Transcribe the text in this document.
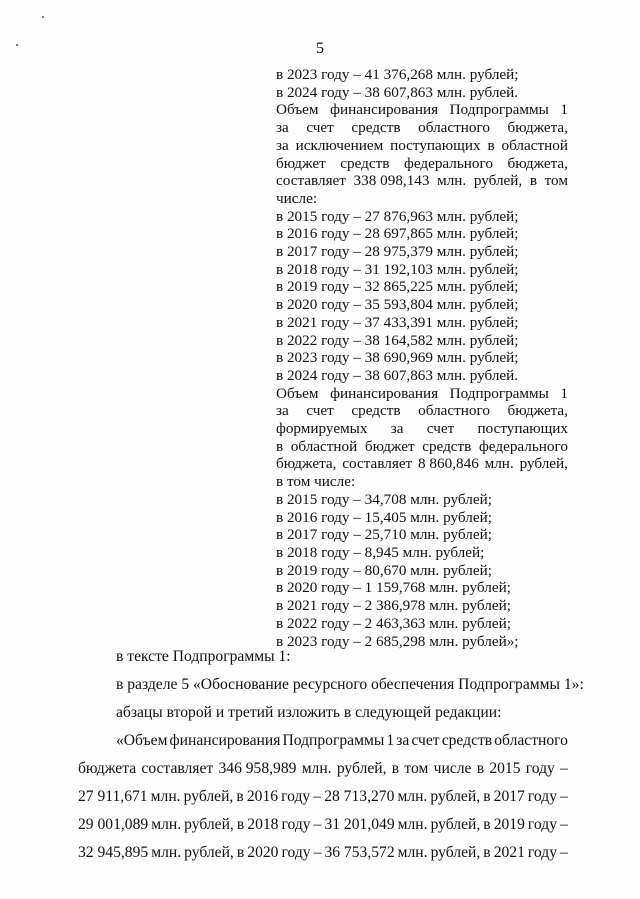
5
в 2023 году – 41 376,268 млн. рублей;
в 2024 году – 38 607,863 млн. рублей.
Объем финансирования Подпрограммы 1
за счет средств областного бюджета,
за исключением поступающих в областной
бюджет средств федерального бюджета,
составляет 338 098,143 млн. рублей, в том
числе:
в 2015 году – 27 876,963 млн. рублей;
в 2016 году – 28 697,865 млн. рублей;
в 2017 году – 28 975,379 млн. рублей;
в 2018 году – 31 192,103 млн. рублей;
в 2019 году – 32 865,225 млн. рублей;
в 2020 году – 35 593,804 млн. рублей;
в 2021 году – 37 433,391 млн. рублей;
в 2022 году – 38 164,582 млн. рублей;
в 2023 году – 38 690,969 млн. рублей;
в 2024 году – 38 607,863 млн. рублей.
Объем финансирования Подпрограммы 1
за счет средств областного бюджета,
формируемых за счет поступающих
в областной бюджет средств федерального
бюджета, составляет 8 860,846 млн. рублей,
в том числе:
в 2015 году – 34,708 млн. рублей;
в 2016 году – 15,405 млн. рублей;
в 2017 году – 25,710 млн. рублей;
в 2018 году – 8,945 млн. рублей;
в 2019 году – 80,670 млн. рублей;
в 2020 году – 1 159,768 млн. рублей;
в 2021 году – 2 386,978 млн. рублей;
в 2022 году – 2 463,363 млн. рублей;
в 2023 году – 2 685,298 млн. рублей»;
в тексте Подпрограммы 1:
в разделе 5 «Обоснование ресурсного обеспечения Подпрограммы 1»:
абзацы второй и третий изложить в следующей редакции:
«Объем финансирования Подпрограммы 1 за счет средств областного
бюджета составляет 346 958,989 млн. рублей, в том числе в 2015 году –
27 911,671 млн. рублей, в 2016 году – 28 713,270 млн. рублей, в 2017 году –
29 001,089 млн. рублей, в 2018 году – 31 201,049 млн. рублей, в 2019 году –
32 945,895 млн. рублей, в 2020 году – 36 753,572 млн. рублей, в 2021 году –
